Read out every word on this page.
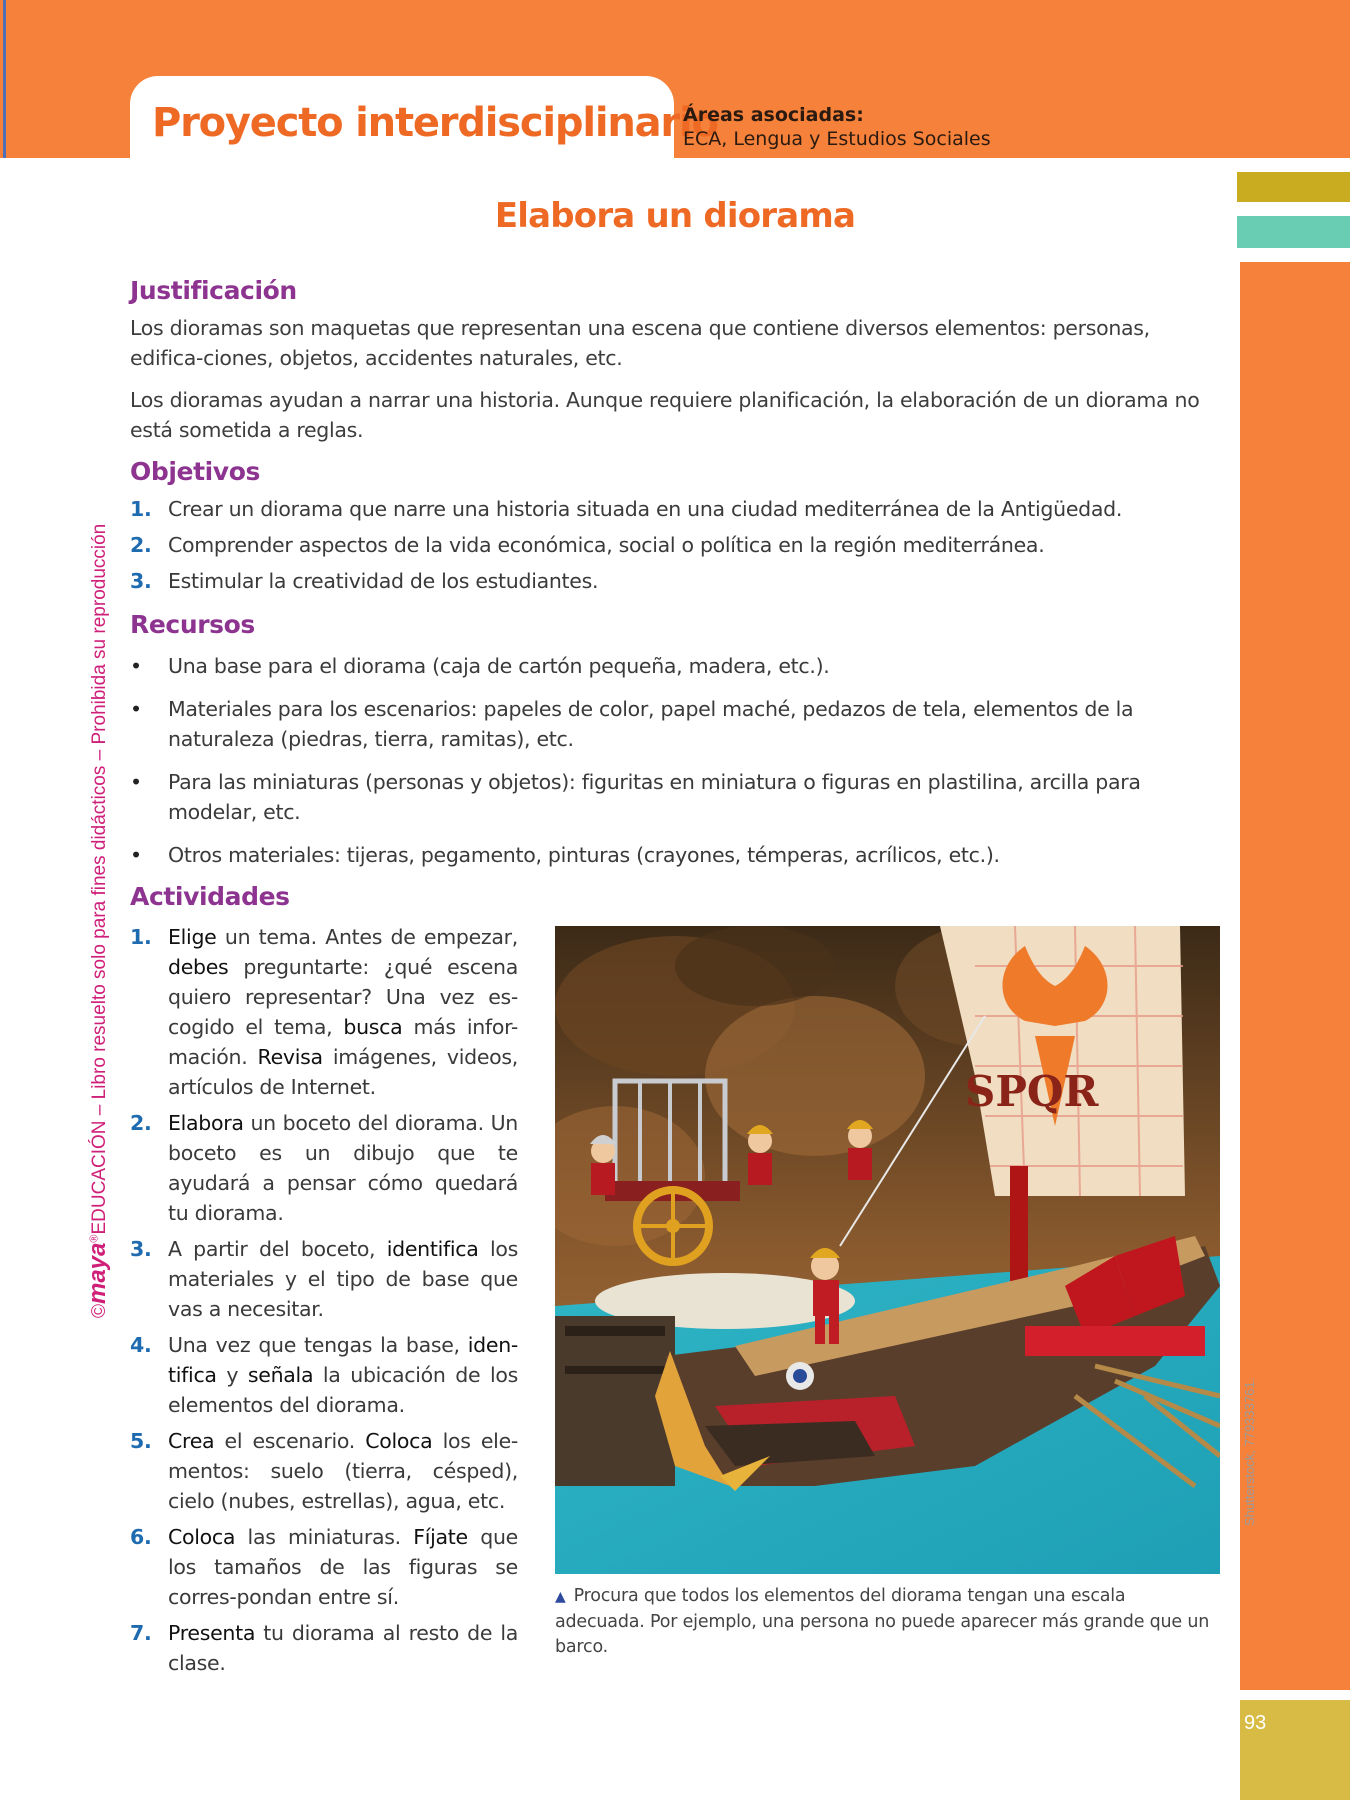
Proyecto interdisciplinario
Áreas asociadas:
ECA, Lengua y Estudios Sociales
93
©maya®EDUCACIÓN – Libro resuelto solo para fines didácticos – Prohibida su reproducción
Elabora un diorama
Justificación

Los dioramas son maquetas que representan una escena que contiene diversos elementos: personas, edifica-ciones, objetos, accidentes naturales, etc.

Los dioramas ayudan a narrar una historia. Aunque requiere planificación, la elaboración de un diorama no está sometida a reglas.

Objetivos
1. Crear un diorama que narre una historia situada en una ciudad mediterránea de la Antigüedad.
2. Comprender aspectos de la vida económica, social o política en la región mediterránea.
3. Estimular la creatividad de los estudiantes.
Recursos
• Una base para el diorama (caja de cartón pequeña, madera, etc.).
• Materiales para los escenarios: papeles de color, papel maché, pedazos de tela, elementos de la naturaleza (piedras, tierra, ramitas), etc.
• Para las miniaturas (personas y objetos): figuritas en miniatura o figuras en plastilina, arcilla para modelar, etc.
• Otros materiales: tijeras, pegamento, pinturas (crayones, témperas, acrílicos, etc.).
Actividades
1. Elige un tema. Antes de empezar, debes preguntarte: ¿qué escena quiero representar? Una vez es-cogido el tema, busca más infor-mación. Revisa imágenes, videos, artículos de Internet.
2. Elabora un boceto del diorama. Un boceto es un dibujo que te ayudará a pensar cómo quedará tu diorama.
3. A partir del boceto, identifica los materiales y el tipo de base que vas a necesitar.
4. Una vez que tengas la base, iden-tifica y señala la ubicación de los elementos del diorama.
5. Crea el escenario. Coloca los ele-mentos: suelo (tierra, césped), cielo (nubes, estrellas), agua, etc.
6. Coloca las miniaturas. Fíjate que los tamaños de las figuras se corres-pondan entre sí.
7. Presenta tu diorama al resto de la clase.
SPQR
Shutterstock, 779333761.
▲ Procura que todos los elementos del diorama tengan una escala adecuada. Por ejemplo, una persona no puede aparecer más grande que un barco.
